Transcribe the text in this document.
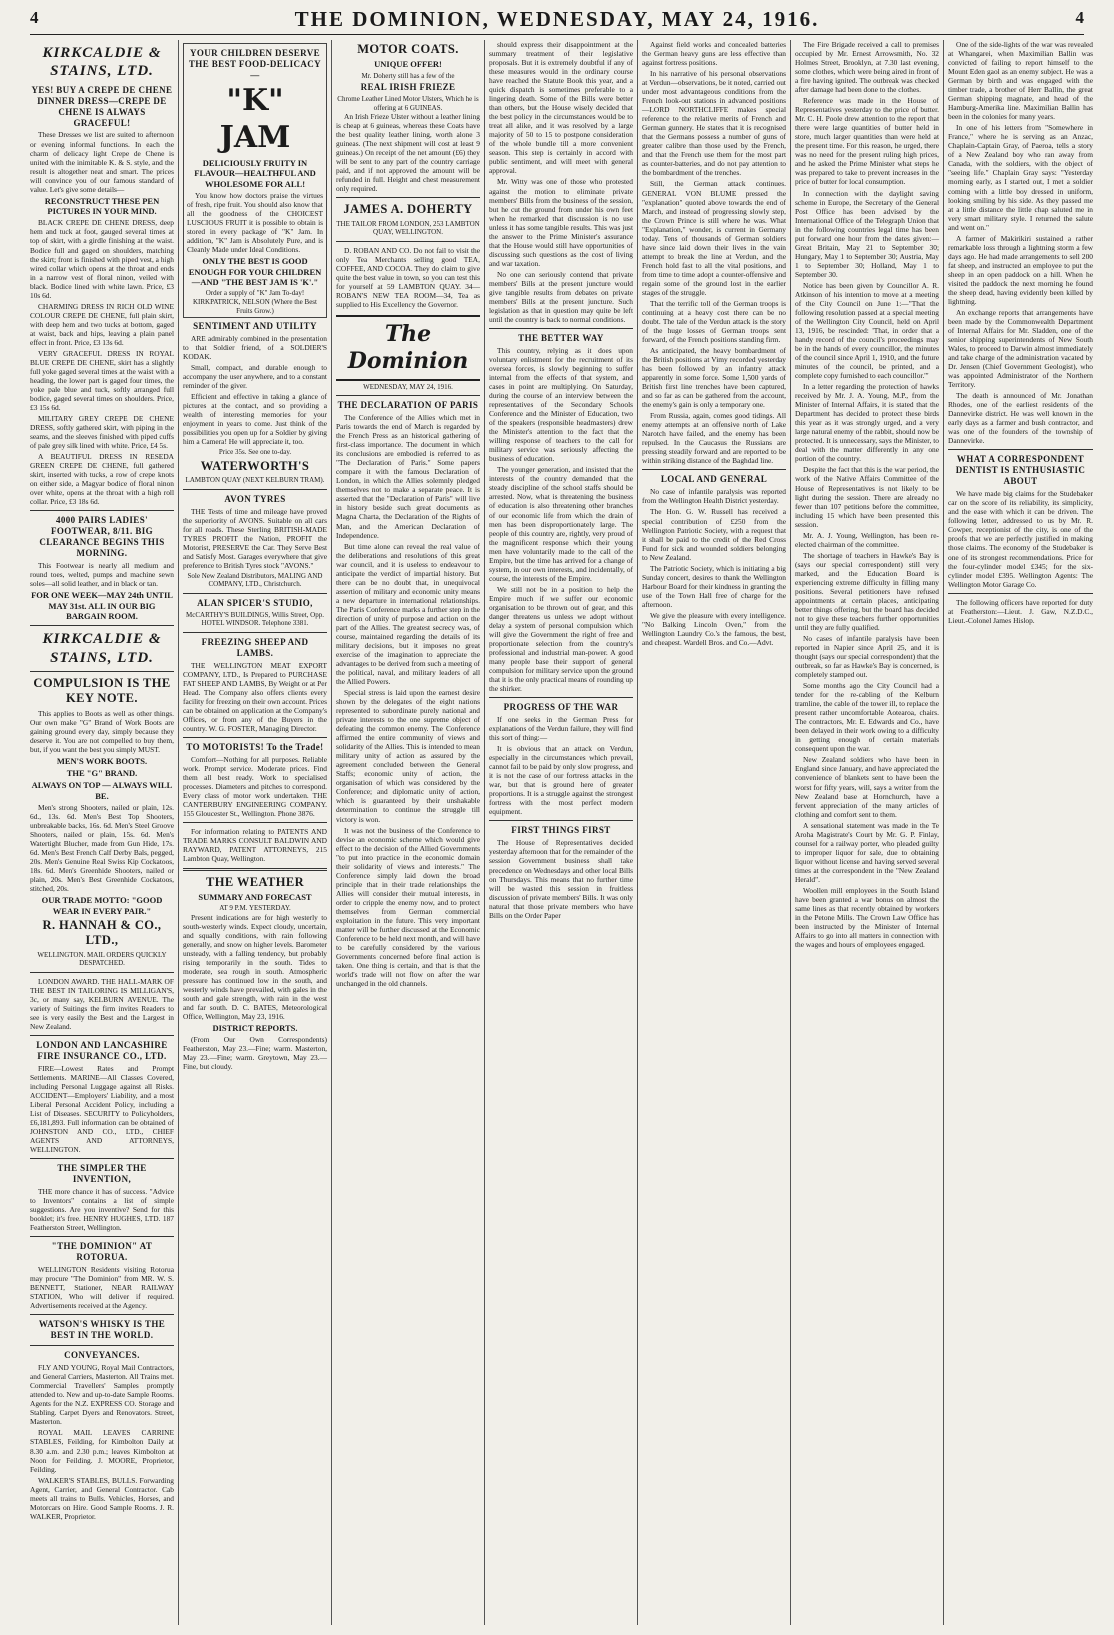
4	THE DOMINION, WEDNESDAY, MAY 24, 1916.	4
KIRKCALDIE & STAINS, LTD.
YES! BUY A CREPE DE CHENE DINNER DRESS—CREPE DE CHENE IS ALWAYS GRACEFUL!

These Dresses we list are suited to afternoon or evening informal functions. In each the charm of delicacy light Crepe de Chene is united with the inimitable K. & S. style, and the result is altogether neat and smart. The prices will convince you of our famous standard of value. Let's give some details—

RECONSTRUCT THESE PEN PICTURES IN YOUR MIND.

BLACK CREPE DE CHENE DRESS, deep hem and tuck at foot, gauged several times at top of skirt, with a girdle finishing at the waist. Bodice full and gaged on shoulders, matching the skirt; front is finished with piped vest, a high wired collar which opens at the throat and ends in a narrow vest of floral ninon, veiled with black. Bodice lined with white lawn. Price, £3 10s 6d.

CHARMING DRESS IN RICH OLD WINE COLOUR CREPE DE CHENE, full plain skirt, with deep hem and two tucks at bottom, gaged at waist, back and hips, leaving a plain panel effect in front. Price, £3 13s 6d.

VERY GRACEFUL DRESS IN ROYAL BLUE CREPE DE CHENE, skirt has a slightly full yoke gaged several times at the waist with a heading, the lower part is gaged four times, the yoke pale blue and tuck, softly arranged full bodice, gaged several times on shoulders. Price, £3 15s 6d.

MILITARY GREY CREPE DE CHENE DRESS, softly gathered skirt, with piping in the seams, and the sleeves finished with piped cuffs of pale grey silk lined with white. Price, £4 5s.

A BEAUTIFUL DRESS IN RESEDA GREEN CREPE DE CHENE, full gathered skirt, inserted with tucks, a row of crepe knots on either side, a Magyar bodice of floral ninon over white, opens at the throat with a high roll collar. Price, £3 18s 6d.

4000 PAIRS LADIES' FOOTWEAR, 8/11. BIG CLEARANCE BEGINS THIS MORNING.

This Footwear is nearly all medium and round toes, welted, pumps and machine sewn soles—all solid leather, and in black or tan.

FOR ONE WEEK—MAY 24th UNTIL MAY 31st. ALL IN OUR BIG BARGAIN ROOM.
KIRKCALDIE & STAINS, LTD.
COMPULSION IS THE KEY NOTE.

This applies to Boots as well as other things. Our own make "G" Brand of Work Boots are gaining ground every day, simply because they deserve it. You are not compelled to buy them, but, if you want the best you simply MUST.

MEN'S WORK BOOTS.
THE "G" BRAND.
ALWAYS ON TOP — ALWAYS WILL BE.

Men's strong Shooters, nailed or plain, 12s. 6d., 13s. 6d. Men's Best Top Shooters, unbreakable backs, 16s. 6d. Men's Steel Groove Shooters, nailed or plain, 15s. 6d. Men's Watertight Blucher, made from Gun Hide, 17s. 6d. Men's Best French Calf Derby Bals, pegged, 20s. Men's Genuine Real Swiss Kip Cockatoos, 18s. 6d. Men's Greenhide Shooters, nailed or plain, 20s. Men's Best Greenhide Cockatoos, stitched, 20s.

OUR TRADE MOTTO: "GOOD WEAR IN EVERY PAIR."
R. HANNAH & CO., LTD.,
WELLINGTON. MAIL ORDERS QUICKLY DESPATCHED.

LONDON AWARD. THE HALL-MARK OF THE BEST IN TAILORING IS MILLIGAN'S, 3c, or many say, KELBURN AVENUE. The variety of Suitings the firm invites Readers to see is very easily the Best and the Largest in New Zealand.

LONDON AND LANCASHIRE FIRE INSURANCE CO., LTD.

FIRE—Lowest Rates and Prompt Settlements. MARINE—All Classes Covered, including Personal Luggage against all Risks. ACCIDENT—Employers' Liability, and a most Liberal Personal Accident Policy, including a List of Diseases. SECURITY to Policyholders, £6,181,893. Full information can be obtained of JOHNSTON AND CO., LTD., CHIEF AGENTS AND ATTORNEYS, WELLINGTON.

THE SIMPLER THE INVENTION,

THE more chance it has of success. "Advice to Inventors" contains a list of simple suggestions. Are you inventive? Send for this booklet; it's free. HENRY HUGHES, LTD. 187 Featherston Street, Wellington.

"THE DOMINION" AT ROTORUA.

WELLINGTON Residents visiting Rotorua may procure "The Dominion" from MR. W. S. BENNETT, Stationer, NEAR RAILWAY STATION, Who will deliver if required. Advertisements received at the Agency.

WATSON'S WHISKY IS THE BEST IN THE WORLD.
CONVEYANCES.

FLY AND YOUNG, Royal Mail Contractors, and General Carriers, Masterton. All Trains met. Commercial Travellers' Samples promptly attended to. New and up-to-date Sample Rooms. Agents for the N.Z. EXPRESS CO. Storage and Stabling. Carpet Dyers and Renovators. Street, Masterton.

ROYAL MAIL LEAVES CARRINE STABLES, Feilding, for Kimbolton Daily at 8.30 a.m. and 2.30 p.m.; leaves Kimbolton at Noon for Feilding. J. MOORE, Proprietor, Feilding.

WALKER'S STABLES, BULLS. Forwarding Agent, Carrier, and General Contractor. Cab meets all trains to Bulls. Vehicles, Horses, and Motorcars on Hire. Good Sample Rooms. J. R. WALKER, Proprietor.

YOUR CHILDREN DESERVE THE BEST FOOD-DELICACY—
"K" JAM
DELICIOUSLY FRUITY IN FLAVOUR—HEALTHFUL AND WHOLESOME FOR ALL!

You know how doctors praise the virtues of fresh, ripe fruit. You should also know that all the goodness of the CHOICEST LUSCIOUS FRUIT it is possible to obtain is stored in every package of "K" Jam. In addition, "K" Jam is Absolutely Pure, and is Cleanly Made under Ideal Conditions.

ONLY THE BEST IS GOOD ENOUGH FOR YOUR CHILDREN—AND "THE BEST JAM IS 'K'."
Order a supply of "K" Jam To-day!
KIRKPATRICK, NELSON (Where the Best Fruits Grow.)
SENTIMENT AND UTILITY

ARE admirably combined in the presentation to that Soldier friend, of a SOLDIER'S KODAK.

Small, compact, and durable enough to accompany the user anywhere, and to a constant reminder of the giver.

Efficient and effective in taking a glance of pictures at the contact, and so providing a wealth of interesting memories for your enjoyment in years to come. Just think of the possibilities you open up for a Soldier by giving him a Camera! He will appreciate it, too.

Price 35s. See one to-day.
WATERWORTH'S
LAMBTON QUAY (NEXT KELBURN TRAM).
AVON TYRES

THE Tests of time and mileage have proved the superiority of AVONS. Suitable on all cars for all roads. These Sterling BRITISH-MADE TYRES PROFIT the Nation, PROFIT the Motorist, PRESERVE the Car. They Serve Best and Satisfy Most. Garages everywhere that give preference to British Tyres stock "AVONS."

Sole New Zealand Distributors, MALING AND COMPANY, LTD., Christchurch.
ALAN SPICER'S STUDIO,
McCARTHY'S BUILDINGS, Willis Street, Opp. HOTEL WINDSOR. Telephone 3381.
FREEZING SHEEP AND LAMBS.

THE WELLINGTON MEAT EXPORT COMPANY, LTD., Is Prepared to PURCHASE FAT SHEEP AND LAMBS, By Weight or at Per Head. The Company also offers clients every facility for freezing on their own account. Prices can be obtained on application at the Company's Offices, or from any of the Buyers in the country. W. G. FOSTER, Managing Director.

TO MOTORISTS! To the Trade!

Comfort—Nothing for all purposes. Reliable work. Prompt service. Moderate prices. Find them all best ready. Work to specialised processes. Diameters and pitches to correspond. Every class of motor work undertaken. THE CANTERBURY ENGINEERING COMPANY. 155 Gloucester St., Wellington. Phone 3876.

For information relating to PATENTS AND TRADE MARKS CONSULT BALDWIN AND RAYWARD, PATENT ATTORNEYS, 215 Lambton Quay, Wellington.

THE WEATHER
SUMMARY AND FORECAST
AT 9 P.M. YESTERDAY.

Present indications are for high westerly to south-westerly winds. Expect cloudy, uncertain, and squally conditions, with rain following generally, and snow on higher levels. Barometer unsteady, with a falling tendency, but probably rising temporarily in the south. Tides to moderate, sea rough in south. Atmospheric pressure has continued low in the south, and westerly winds have prevailed, with gales in the south and gale strength, with rain in the west and far south. D. C. BATES, Meteorological Office, Wellington, May 23, 1916.

DISTRICT REPORTS.

(From Our Own Correspondents) Featherston, May 23.—Fine; warm. Masterton, May 23.—Fine; warm. Greytown, May 23.—Fine, but cloudy.

MOTOR COATS.
UNIQUE OFFER!
Mr. Doherty still has a few of the
REAL IRISH FRIEZE
Chrome Leather Lined Motor Ulsters, Which he is offering at 6 GUINEAS.

An Irish Frieze Ulster without a leather lining is cheap at 6 guineas, whereas these Coats have the best quality leather lining, worth alone 3 guineas. (The next shipment will cost at least 9 guineas.) On receipt of the net amount (£6) they will be sent to any part of the country carriage paid, and if not approved the amount will be refunded in full. Height and chest measurement only required.

JAMES A. DOHERTY
THE TAILOR FROM LONDON, 253 LAMBTON QUAY, WELLINGTON.

D. ROBAN AND CO. Do not fail to visit the only Tea Merchants selling good TEA, COFFEE, AND COCOA. They do claim to give quite the best value in town, so you can test this for yourself at 59 LAMBTON QUAY. 34—ROBAN'S NEW TEA ROOM—34, Tea as supplied to His Excellency the Governor.

The Dominion
WEDNESDAY, MAY 24, 1916.
THE DECLARATION OF PARIS

The Conference of the Allies which met in Paris towards the end of March is regarded by the French Press as an historical gathering of first-class importance. The document in which its conclusions are embodied is referred to as "The Declaration of Paris." Some papers compare it with the famous Declaration of London, in which the Allies solemnly pledged themselves not to make a separate peace. It is asserted that the "Declaration of Paris" will live in history beside such great documents as Magna Charta, the Declaration of the Rights of Man, and the American Declaration of Independence.

But time alone can reveal the real value of the deliberations and resolutions of this great war council, and it is useless to endeavour to anticipate the verdict of impartial history. But there can be no doubt that, in unequivocal assertion of military and economic unity means a new departure in international relationships. The Paris Conference marks a further step in the direction of unity of purpose and action on the part of the Allies. The greatest secrecy was, of course, maintained regarding the details of its military decisions, but it imposes no great exercise of the imagination to appreciate the advantages to be derived from such a meeting of the political, naval, and military leaders of all the Allied Powers.

Special stress is laid upon the earnest desire shown by the delegates of the eight nations represented to subordinate purely national and private interests to the one supreme object of defeating the common enemy. The Conference affirmed the entire community of views and solidarity of the Allies. This is intended to mean military unity of action as assured by the agreement concluded between the General Staffs; economic unity of action, the organisation of which was considered by the Conference; and diplomatic unity of action, which is guaranteed by their unshakable determination to continue the struggle till victory is won.

It was not the business of the Conference to devise an economic scheme which would give effect to the decision of the Allied Governments "to put into practice in the economic domain their solidarity of views and interests." The Conference simply laid down the broad principle that in their trade relationships the Allies will consider their mutual interests, in order to cripple the enemy now, and to protect themselves from German commercial exploitation in the future. This very important matter will be further discussed at the Economic Conference to be held next month, and will have to be carefully considered by the various Governments concerned before final action is taken. One thing is certain, and that is that the world's trade will not flow on after the war unchanged in the old channels.

should express their disappointment at the summary treatment of their legislative proposals. But it is extremely doubtful if any of these measures would in the ordinary course have reached the Statute Book this year, and a quick dispatch is sometimes preferable to a lingering death. Some of the Bills were better than others, but the House wisely decided that the best policy in the circumstances would be to treat all alike, and it was resolved by a large majority of 50 to 15 to postpone consideration of the whole bundle till a more convenient season. This step is certainly in accord with public sentiment, and will meet with general approval.

Mr. Witty was one of those who protested against the motion to eliminate private members' Bills from the business of the session, but he cut the ground from under his own feet when he remarked that discussion is no use unless it has some tangible results. This was just the answer to the Prime Minister's assurance that the House would still have opportunities of discussing such questions as the cost of living and war taxation.

No one can seriously contend that private members' Bills at the present juncture would give tangible results from debates on private members' Bills at the present juncture. Such legislation as that in question may quite be left until the country is back to normal conditions.

THE BETTER WAY

This country, relying as it does upon voluntary enlistment for the recruitment of its oversea forces, is slowly beginning to suffer internal from the effects of that system, and cases in point are multiplying. On Saturday, during the course of an interview between the representatives of the Secondary Schools Conference and the Minister of Education, two of the speakers (responsible headmasters) drew the Minister's attention to the fact that the willing response of teachers to the call for military service was seriously affecting the business of education.

The younger generation, and insisted that the interests of the country demanded that the steady discipline of the school staffs should be arrested. Now, what is threatening the business of education is also threatening other branches of our economic life from which the drain of men has been disproportionately large. The people of this country are, rightly, very proud of the magnificent response which their young men have voluntarily made to the call of the Empire, but the time has arrived for a change of system, in our own interests, and incidentally, of course, the interests of the Empire.

We still not be in a position to help the Empire much if we suffer our economic organisation to be thrown out of gear, and this danger threatens us unless we adopt without delay a system of personal compulsion which will give the Government the right of free and proportionate selection from the country's professional and industrial man-power. A good many people base their support of general compulsion for military service upon the ground that it is the only practical means of rounding up the shirker.

PROGRESS OF THE WAR

If one seeks in the German Press for explanations of the Verdun failure, they will find this sort of thing:—

It is obvious that an attack on Verdun, especially in the circumstances which prevail, cannot fail to be paid by only slow progress, and it is not the case of our fortress attacks in the war, but that is ground here of greater proportions. It is a struggle against the strongest fortress with the most perfect modern equipment.

FIRST THINGS FIRST

The House of Representatives decided yesterday afternoon that for the remainder of the session Government business shall take precedence on Wednesdays and other local Bills on Thursdays. This means that no further time will be wasted this session in fruitless discussion of private members' Bills. It was only natural that those private members who have Bills on the Order Paper

Against field works and concealed batteries the German heavy guns are less effective than against fortress positions.

In his narrative of his personal observations at Verdun—observations, be it noted, carried out under most advantageous conditions from the French look-out stations in advanced positions—LORD NORTHCLIFFE makes special reference to the relative merits of French and German gunnery. He states that it is recognised that the Germans possess a number of guns of greater calibre than those used by the French, and that the French use them for the most part as counter-batteries, and do not pay attention to the bombardment of the trenches.

Still, the German attack continues. GENERAL VON BLUME pressed the "explanation" quoted above towards the end of March, and instead of progressing slowly step, the Crown Prince is still where he was. What "Explanation," wonder, is current in Germany today. Tens of thousands of German soldiers have since laid down their lives in the vain attempt to break the line at Verdun, and the French hold fast to all the vital positions, and from time to time adopt a counter-offensive and regain some of the ground lost in the earlier stages of the struggle.

That the terrific toll of the German troops is continuing at a heavy cost there can be no doubt. The tale of the Verdun attack is the story of the huge losses of German troops sent forward, of the French positions standing firm.

As anticipated, the heavy bombardment of the British positions at Vimy recorded yesterday has been followed by an infantry attack apparently in some force. Some 1,500 yards of British first line trenches have been captured, and so far as can be gathered from the account, the enemy's gain is only a temporary one.

From Russia, again, comes good tidings. All enemy attempts at an offensive north of Lake Narotch have failed, and the enemy has been repulsed. In the Caucasus the Russians are pressing steadily forward and are reported to be within striking distance of the Baghdad line.

LOCAL AND GENERAL

No case of infantile paralysis was reported from the Wellington Health District yesterday.

The Hon. G. W. Russell has received a special contribution of £250 from the Wellington Patriotic Society, with a request that it shall be paid to the credit of the Red Cross Fund for sick and wounded soldiers belonging to New Zealand.

The Patriotic Society, which is initiating a big Sunday concert, desires to thank the Wellington Harbour Board for their kindness in granting the use of the Town Hall free of charge for the afternoon.

We give the pleasure with every intelligence. "No Balking Lincoln Oven," from the Wellington Laundry Co.'s the famous, the best, and cheapest. Wardell Bros. and Co.—Advt.

The Fire Brigade received a call to premises occupied by Mr. Ernest Arrowsmith, No. 32 Holmes Street, Brooklyn, at 7.30 last evening, some clothes, which were being aired in front of a fire having ignited. The outbreak was checked after damage had been done to the clothes.

Reference was made in the House of Representatives yesterday to the price of butter. Mr. C. H. Poole drew attention to the report that there were large quantities of butter held in store, much larger quantities than were held at the present time. For this reason, he urged, there was no need for the present ruling high prices, and he asked the Prime Minister what steps he was prepared to take to prevent increases in the price of butter for local consumption.

In connection with the daylight saving scheme in Europe, the Secretary of the General Post Office has been advised by the International Office of the Telegraph Union that in the following countries legal time has been put forward one hour from the dates given:—Great Britain, May 21 to September 30; Hungary, May 1 to September 30; Austria, May 1 to September 30; Holland, May 1 to September 30.

Notice has been given by Councillor A. R. Atkinson of his intention to move at a meeting of the City Council on June 1:—"That the following resolution passed at a special meeting of the Wellington City Council, held on April 13, 1916, be rescinded: 'That, in order that a handy record of the council's proceedings may be in the hands of every councillor, the minutes of the council since April 1, 1910, and the future minutes of the council, be printed, and a complete copy furnished to each councillor.'"

In a letter regarding the protection of hawks received by Mr. J. A. Young, M.P., from the Minister of Internal Affairs, it is stated that the Department has decided to protect these birds this year as it was strongly urged, and a very large natural enemy of the rabbit, should now be protected. It is unnecessary, says the Minister, to deal with the matter differently in any one portion of the country.

Despite the fact that this is the war period, the work of the Native Affairs Committee of the House of Representatives is not likely to be light during the session. There are already no fewer than 107 petitions before the committee, including 15 which have been presented this session.

Mr. A. J. Young, Wellington, has been re-elected chairman of the committee.

The shortage of teachers in Hawke's Bay is (says our special correspondent) still very marked, and the Education Board is experiencing extreme difficulty in filling many positions. Several petitioners have refused appointments at certain places, anticipating better things offering, but the board has decided not to give these teachers further opportunities until they are fully qualified.

No cases of infantile paralysis have been reported in Napier since April 25, and it is thought (says our special correspondent) that the outbreak, so far as Hawke's Bay is concerned, is completely stamped out.

Some months ago the City Council had a tender for the re-cabling of the Kelburn tramline, the cable of the tower ill, to replace the present rather uncomfortable Aotearoa, chairs. The contractors, Mr. E. Edwards and Co., have been delayed in their work owing to a difficulty in getting enough of certain materials consequent upon the war.

New Zealand soldiers who have been in England since January, and have appreciated the convenience of blankets sent to have been the worst for fifty years, will, says a writer from the New Zealand base at Hornchurch, have a fervent appreciation of the many articles of clothing and comfort sent to them.

A sensational statement was made in the Te Aroha Magistrate's Court by Mr. G. P. Finlay, counsel for a railway porter, who pleaded guilty to improper liquor for sale, due to obtaining liquor without license and having served several times at the correspondent in the "New Zealand Herald".

Woollen mill employees in the South Island have been granted a war bonus on almost the same lines as that recently obtained by workers in the Petone Mills. The Crown Law Office has been instructed by the Minister of Internal Affairs to go into all matters in connection with the wages and hours of employees engaged.

One of the side-lights of the war was revealed at Whangarei, when Maximilian Ballin was convicted of failing to report himself to the Mount Eden gaol as an enemy subject. He was a German by birth and was engaged with the timber trade, a brother of Herr Ballin, the great German shipping magnate, and head of the Hamburg-Amerika line. Maximilian Ballin has been in the colonies for many years.

In one of his letters from "Somewhere in France," where he is serving as an Anzac, Chaplain-Captain Gray, of Paeroa, tells a story of a New Zealand boy who ran away from Canada, with the soldiers, with the object of "seeing life." Chaplain Gray says: "Yesterday morning early, as I started out, I met a soldier coming with a little boy dressed in uniform, looking smiling by his side. As they passed me at a little distance the little chap saluted me in very smart military style. I returned the salute and went on."

A farmer of Makirikiri sustained a rather remarkable loss through a lightning storm a few days ago. He had made arrangements to sell 200 fat sheep, and instructed an employee to put the sheep in an open paddock on a hill. When he visited the paddock the next morning he found the sheep dead, having evidently been killed by lightning.

An exchange reports that arrangements have been made by the Commonwealth Department of Internal Affairs for Mr. Sladden, one of the senior shipping superintendents of New South Wales, to proceed to Darwin almost immediately and take charge of the administration vacated by Dr. Jensen (Chief Government Geologist), who was appointed Administrator of the Northern Territory.

The death is announced of Mr. Jonathan Rhodes, one of the earliest residents of the Dannevirke district. He was well known in the early days as a farmer and bush contractor, and was one of the founders of the township of Dannevirke.

WHAT A CORRESPONDENT DENTIST IS ENTHUSIASTIC ABOUT

We have made big claims for the Studebaker car on the score of its reliability, its simplicity, and the ease with which it can be driven. The following letter, addressed to us by Mr. R. Cowper, receptionist of the city, is one of the proofs that we are perfectly justified in making those claims. The economy of the Studebaker is one of its strongest recommendations. Price for the four-cylinder model £345; for the six-cylinder model £395. Wellington Agents: The Wellington Motor Garage Co.

The following officers have reported for duty at Featherston:—Lieut. J. Gaw, N.Z.D.C., Lieut.-Colonel James Hislop.
